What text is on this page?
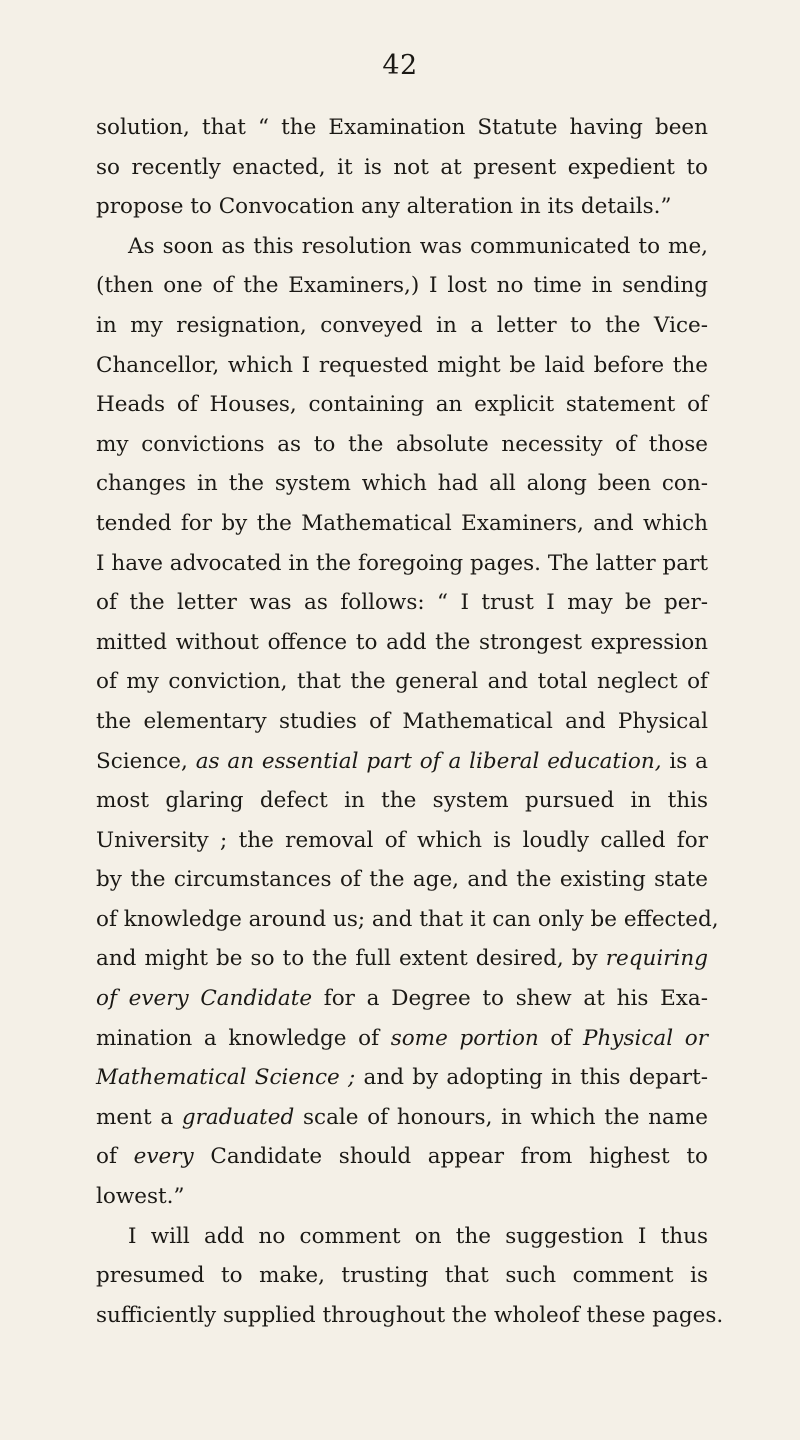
42
solution, that “ the Examination Statute having been
so recently enacted, it is not at present expedient to
propose to Convocation any alteration in its details.”
As soon as this resolution was communicated to me,
(then one of the Examiners,) I lost no time in sending
in my resignation, conveyed in a letter to the Vice-
Chancellor, which I requested might be laid before the
Heads of Houses, containing an explicit statement of
my convictions as to the absolute necessity of those
changes in the system which had all along been con-
tended for by the Mathematical Examiners, and which
I have advocated in the foregoing pages. The latter part
of the letter was as follows: “ I trust I may be per-
mitted without offence to add the strongest expression
of my conviction, that the general and total neglect of
the elementary studies of Mathematical and Physical
Science, as an essential part of a liberal education, is a
most glaring defect in the system pursued in this
University ; the removal of which is loudly called for
by the circumstances of the age, and the existing state
of knowledge around us; and that it can only be effected,
and might be so to the full extent desired, by requiring
of every Candidate for a Degree to shew at his Exa-
mination a knowledge of some portion of Physical or
Mathematical Science ; and by adopting in this depart-
ment a graduated scale of honours, in which the name
of every Candidate should appear from highest to
lowest.”
I will add no comment on the suggestion I thus
presumed to make, trusting that such comment is
sufficiently supplied throughout the wholeof these pages.
